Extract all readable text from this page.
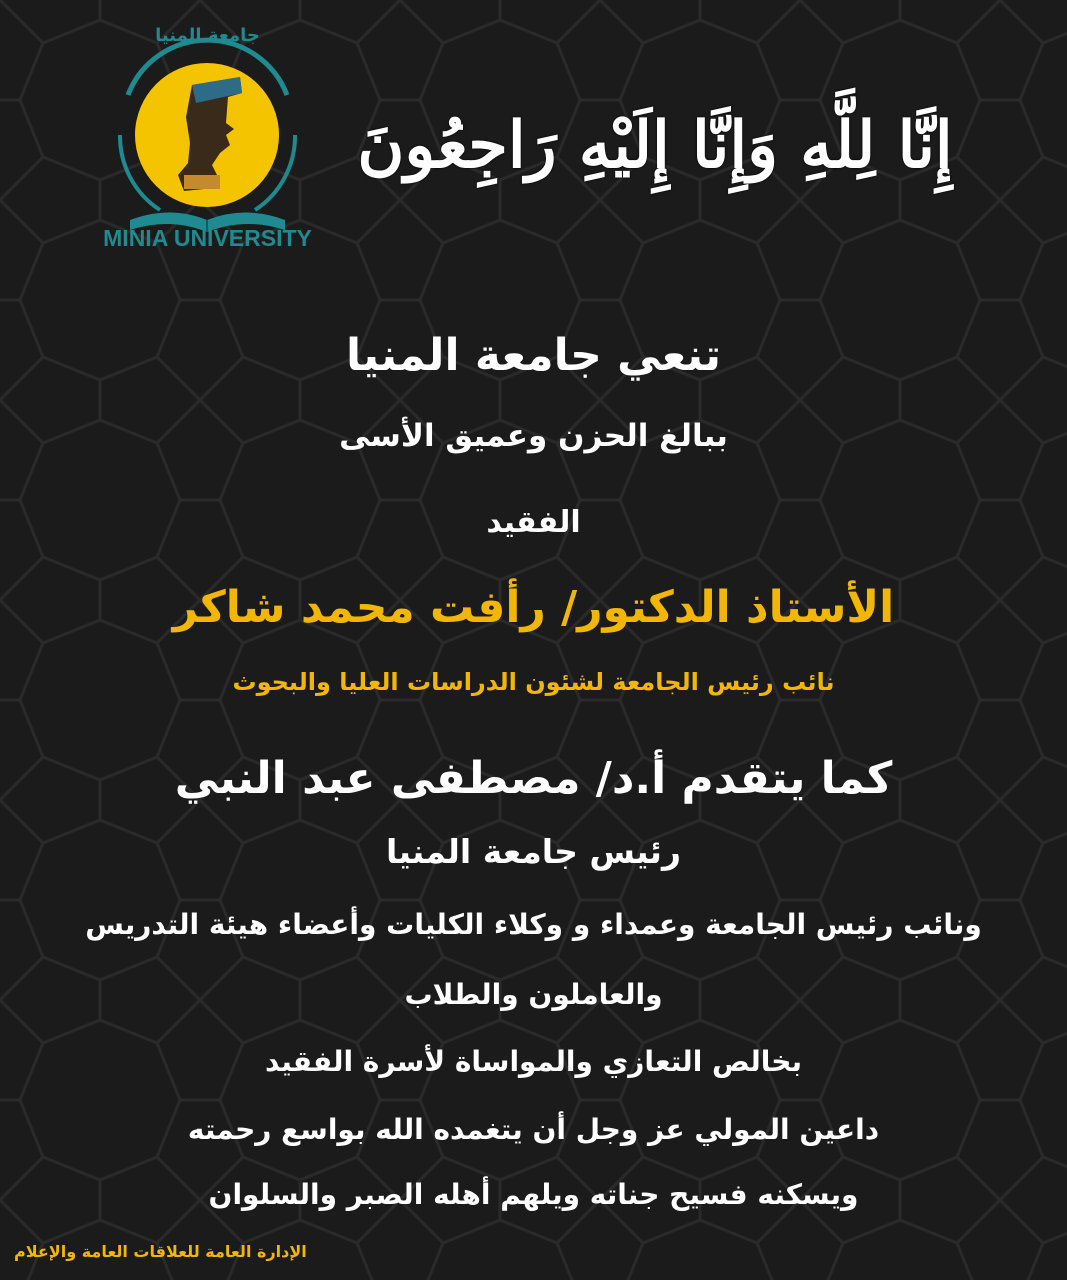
جامعة المنيا
MINIA UNIVERSITY
إِنَّا لِلَّهِ وَإِنَّا إِلَيْهِ رَاجِعُونَ
تنعي جامعة المنيا
ببالغ الحزن وعميق الأسى
الفقيد
الأستاذ الدكتور/ رأفت محمد شاكر
نائب رئيس الجامعة لشئون الدراسات العليا والبحوث
كما يتقدم أ.د/ مصطفى عبد النبي
رئيس جامعة المنيا
ونائب رئيس الجامعة وعمداء و وكلاء الكليات وأعضاء هيئة التدريس
والعاملون والطلاب
بخالص التعازي والمواساة لأسرة الفقيد
داعين المولي عز وجل أن يتغمده الله بواسع رحمته
ويسكنه فسيح جناته ويلهم أهله الصبر والسلوان
الإدارة العامة للعلاقات العامة والإعلام
